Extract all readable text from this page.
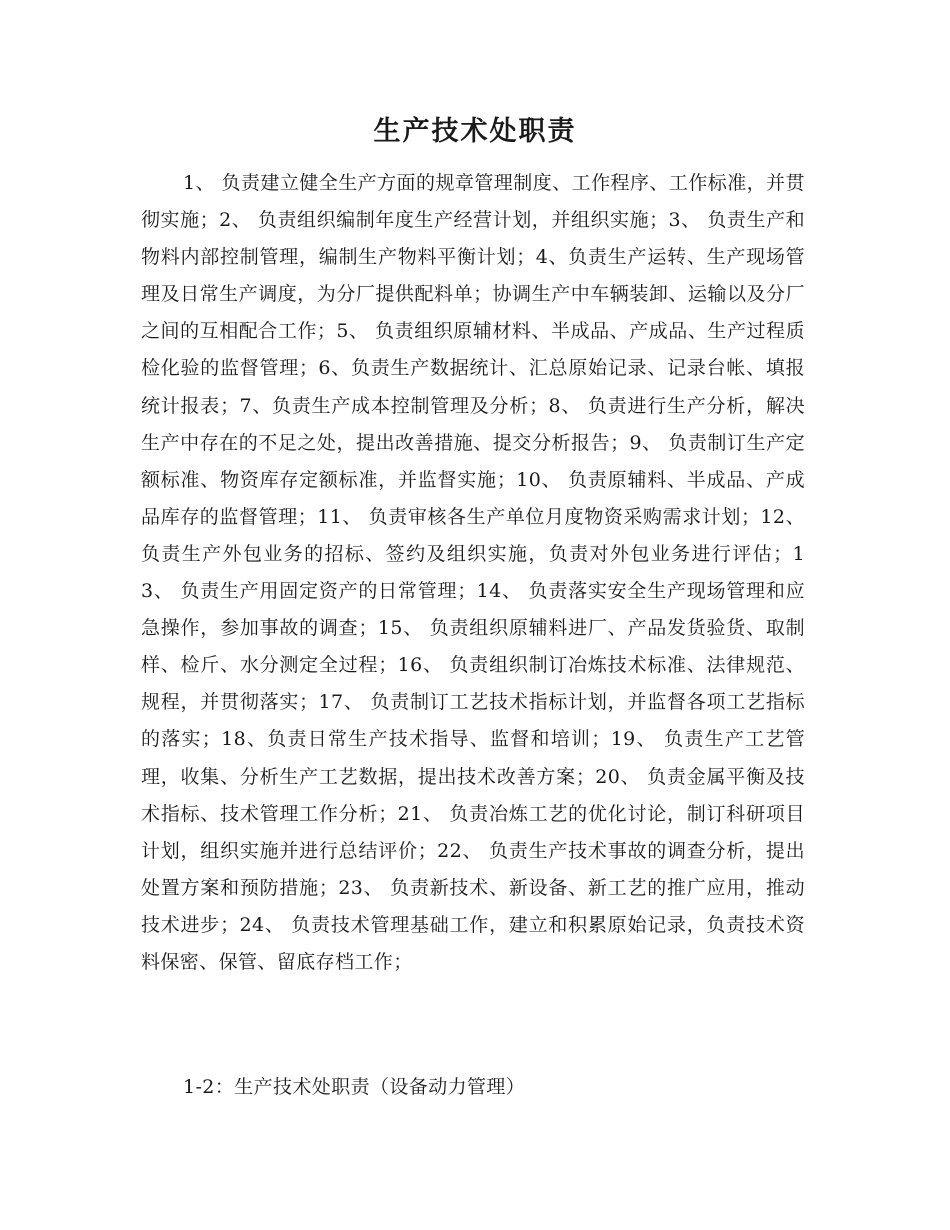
生产技术处职责

1、 负责建立健全生产方面的规章管理制度、工作程序、工作标准，并贯彻实施；2、 负责组织编制年度生产经营计划，并组织实施；3、 负责生产和物料内部控制管理，编制生产物料平衡计划；4、负责生产运转、生产现场管理及日常生产调度，为分厂提供配料单；协调生产中车辆装卸、运输以及分厂之间的互相配合工作；5、 负责组织原辅材料、半成品、产成品、生产过程质检化验的监督管理；6、负责生产数据统计、汇总原始记录、记录台帐、填报统计报表；7、负责生产成本控制管理及分析；8、 负责进行生产分析，解决生产中存在的不足之处，提出改善措施、提交分析报告；9、 负责制订生产定额标准、物资库存定额标准，并监督实施；10、 负责原辅料、半成品、产成品库存的监督管理；11、 负责审核各生产单位月度物资采购需求计划；12、 负责生产外包业务的招标、签约及组织实施，负责对外包业务进行评估；13、 负责生产用固定资产的日常管理；14、 负责落实安全生产现场管理和应急操作，参加事故的调查；15、 负责组织原辅料进厂、产品发货验货、取制样、检斤、水分测定全过程；16、 负责组织制订冶炼技术标准、法律规范、规程，并贯彻落实；17、 负责制订工艺技术指标计划，并监督各项工艺指标的落实；18、负责日常生产技术指导、监督和培训；19、 负责生产工艺管理，收集、分析生产工艺数据，提出技术改善方案；20、 负责金属平衡及技术指标、技术管理工作分析；21、 负责冶炼工艺的优化讨论，制订科研项目计划，组织实施并进行总结评价；22、 负责生产技术事故的调查分析，提出处置方案和预防措施；23、 负责新技术、新设备、新工艺的推广应用，推动技术进步；24、 负责技术管理基础工作，建立和积累原始记录，负责技术资料保密、保管、留底存档工作；

1-2：生产技术处职责（设备动力管理）
